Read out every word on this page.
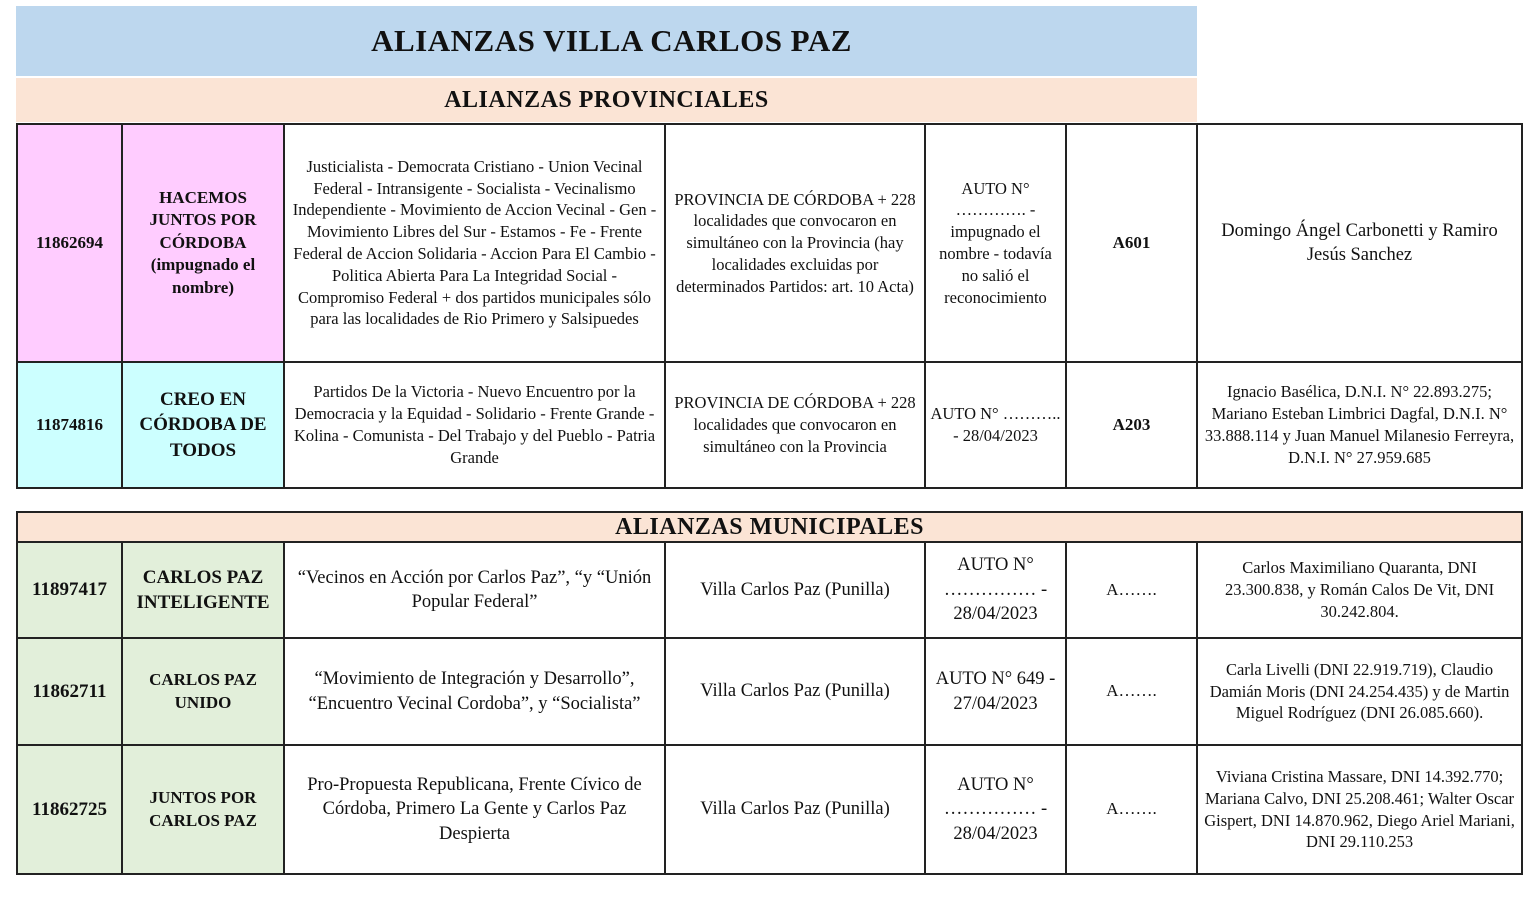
ALIANZAS VILLA CARLOS PAZ
ALIANZAS PROVINCIALES
11862694	HACEMOS JUNTOS POR CÓRDOBA (impugnado el nombre)	Justicialista - Democrata Cristiano - Union Vecinal Federal - Intransigente - Socialista - Vecinalismo Independiente - Movimiento de Accion Vecinal - Gen - Movimiento Libres del Sur - Estamos - Fe - Frente Federal de Accion Solidaria - Accion Para El Cambio - Politica Abierta Para La Integridad Social - Compromiso Federal + dos partidos municipales sólo para las localidades de Rio Primero y Salsipuedes	PROVINCIA DE CÓRDOBA + 228 localidades que convocaron en simultáneo con la Provincia (hay localidades excluidas por determinados Partidos: art. 10 Acta)	AUTO N° …………. - impugnado el nombre - todavía no salió el reconocimiento	A601	Domingo Ángel Carbonetti y Ramiro Jesús Sanchez
11874816	CREO EN CÓRDOBA DE TODOS	Partidos De la Victoria - Nuevo Encuentro por la Democracia y la Equidad - Solidario - Frente Grande - Kolina - Comunista - Del Trabajo y del Pueblo - Patria Grande	PROVINCIA DE CÓRDOBA + 228 localidades que convocaron en simultáneo con la Provincia	AUTO N° ……….. - 28/04/2023	A203	Ignacio Basélica, D.N.I. N° 22.893.275; Mariano Esteban Limbrici Dagfal, D.N.I. N° 33.888.114 y Juan Manuel Milanesio Ferreyra, D.N.I. N° 27.959.685
ALIANZAS MUNICIPALES						
11897417	CARLOS PAZ INTELIGENTE	“Vecinos en Acción por Carlos Paz”, “y “Unión Popular Federal”	Villa Carlos Paz (Punilla)	AUTO N° …………… - 28/04/2023	A…….	Carlos Maximiliano Quaranta, DNI 23.300.838, y Román Calos De Vit, DNI 30.242.804.
11862711	CARLOS PAZ UNIDO	“Movimiento de Integración y Desarrollo”, “Encuentro Vecinal Cordoba”, y “Socialista”	Villa Carlos Paz (Punilla)	AUTO N° 649 - 27/04/2023	A…….	Carla Livelli (DNI 22.919.719), Claudio Damián Moris (DNI 24.254.435) y de Martin Miguel Rodríguez (DNI 26.085.660).
11862725	JUNTOS POR CARLOS PAZ	Pro-Propuesta Republicana, Frente Cívico de Córdoba, Primero La Gente y Carlos Paz Despierta	Villa Carlos Paz (Punilla)	AUTO N° …………… - 28/04/2023	A…….	Viviana Cristina Massare, DNI 14.392.770; Mariana Calvo, DNI 25.208.461; Walter Oscar Gispert, DNI 14.870.962, Diego Ariel Mariani, DNI 29.110.253
